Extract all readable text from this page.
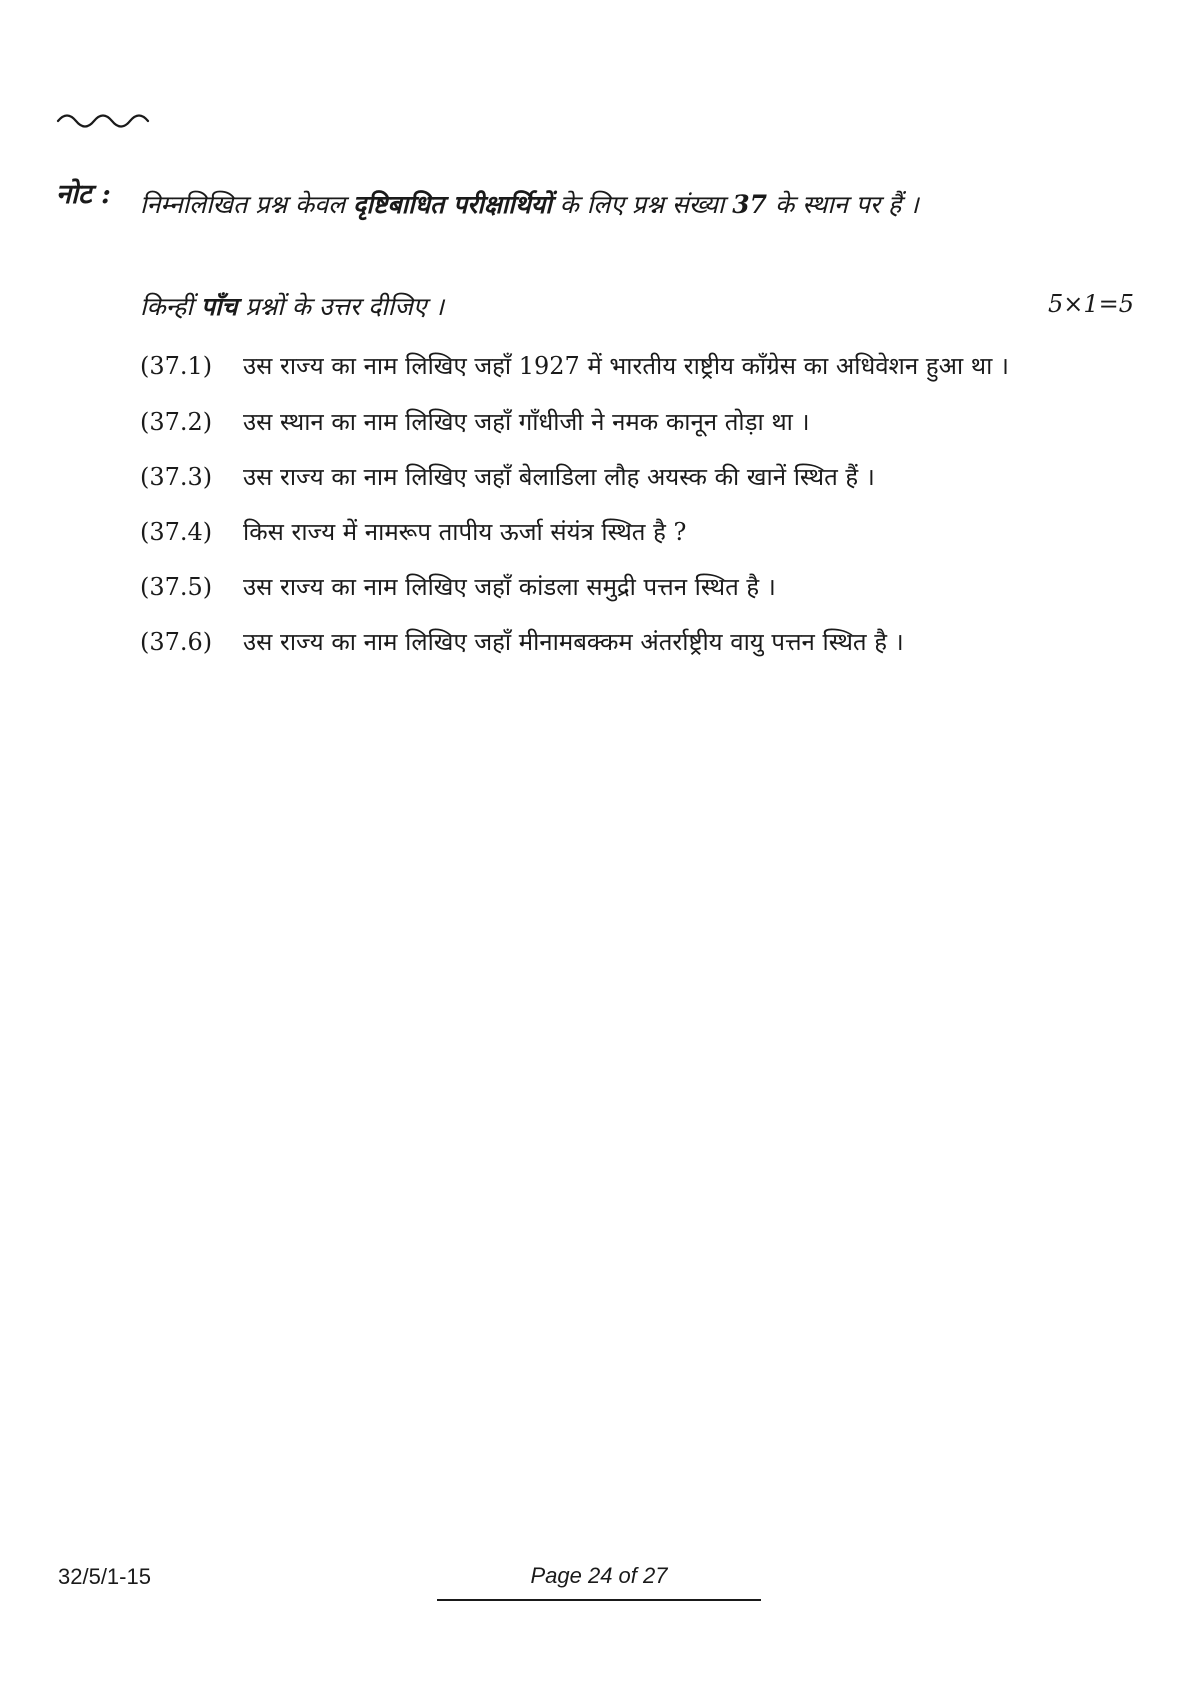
नोट : निम्नलिखित प्रश्न केवल दृष्टिबाधित परीक्षार्थियों के लिए प्रश्न संख्या 37 के स्थान पर हैं ।

किन्हीं पाँच प्रश्नों के उत्तर दीजिए ।	5×1=5

(37.1)	उस राज्य का नाम लिखिए जहाँ 1927 में भारतीय राष्ट्रीय काँग्रेस का अधिवेशन हुआ था ।
(37.2)	उस स्थान का नाम लिखिए जहाँ गाँधीजी ने नमक कानून तोड़ा था ।
(37.3)	उस राज्य का नाम लिखिए जहाँ बेलाडिला लौह अयस्क की खानें स्थित हैं ।
(37.4)	किस राज्य में नामरूप तापीय ऊर्जा संयंत्र स्थित है ?
(37.5)	उस राज्य का नाम लिखिए जहाँ कांडला समुद्री पत्तन स्थित है ।
(37.6)	उस राज्य का नाम लिखिए जहाँ मीनामबक्कम अंतर्राष्ट्रीय वायु पत्तन स्थित है ।

32/5/1-15	Page 24 of 27
